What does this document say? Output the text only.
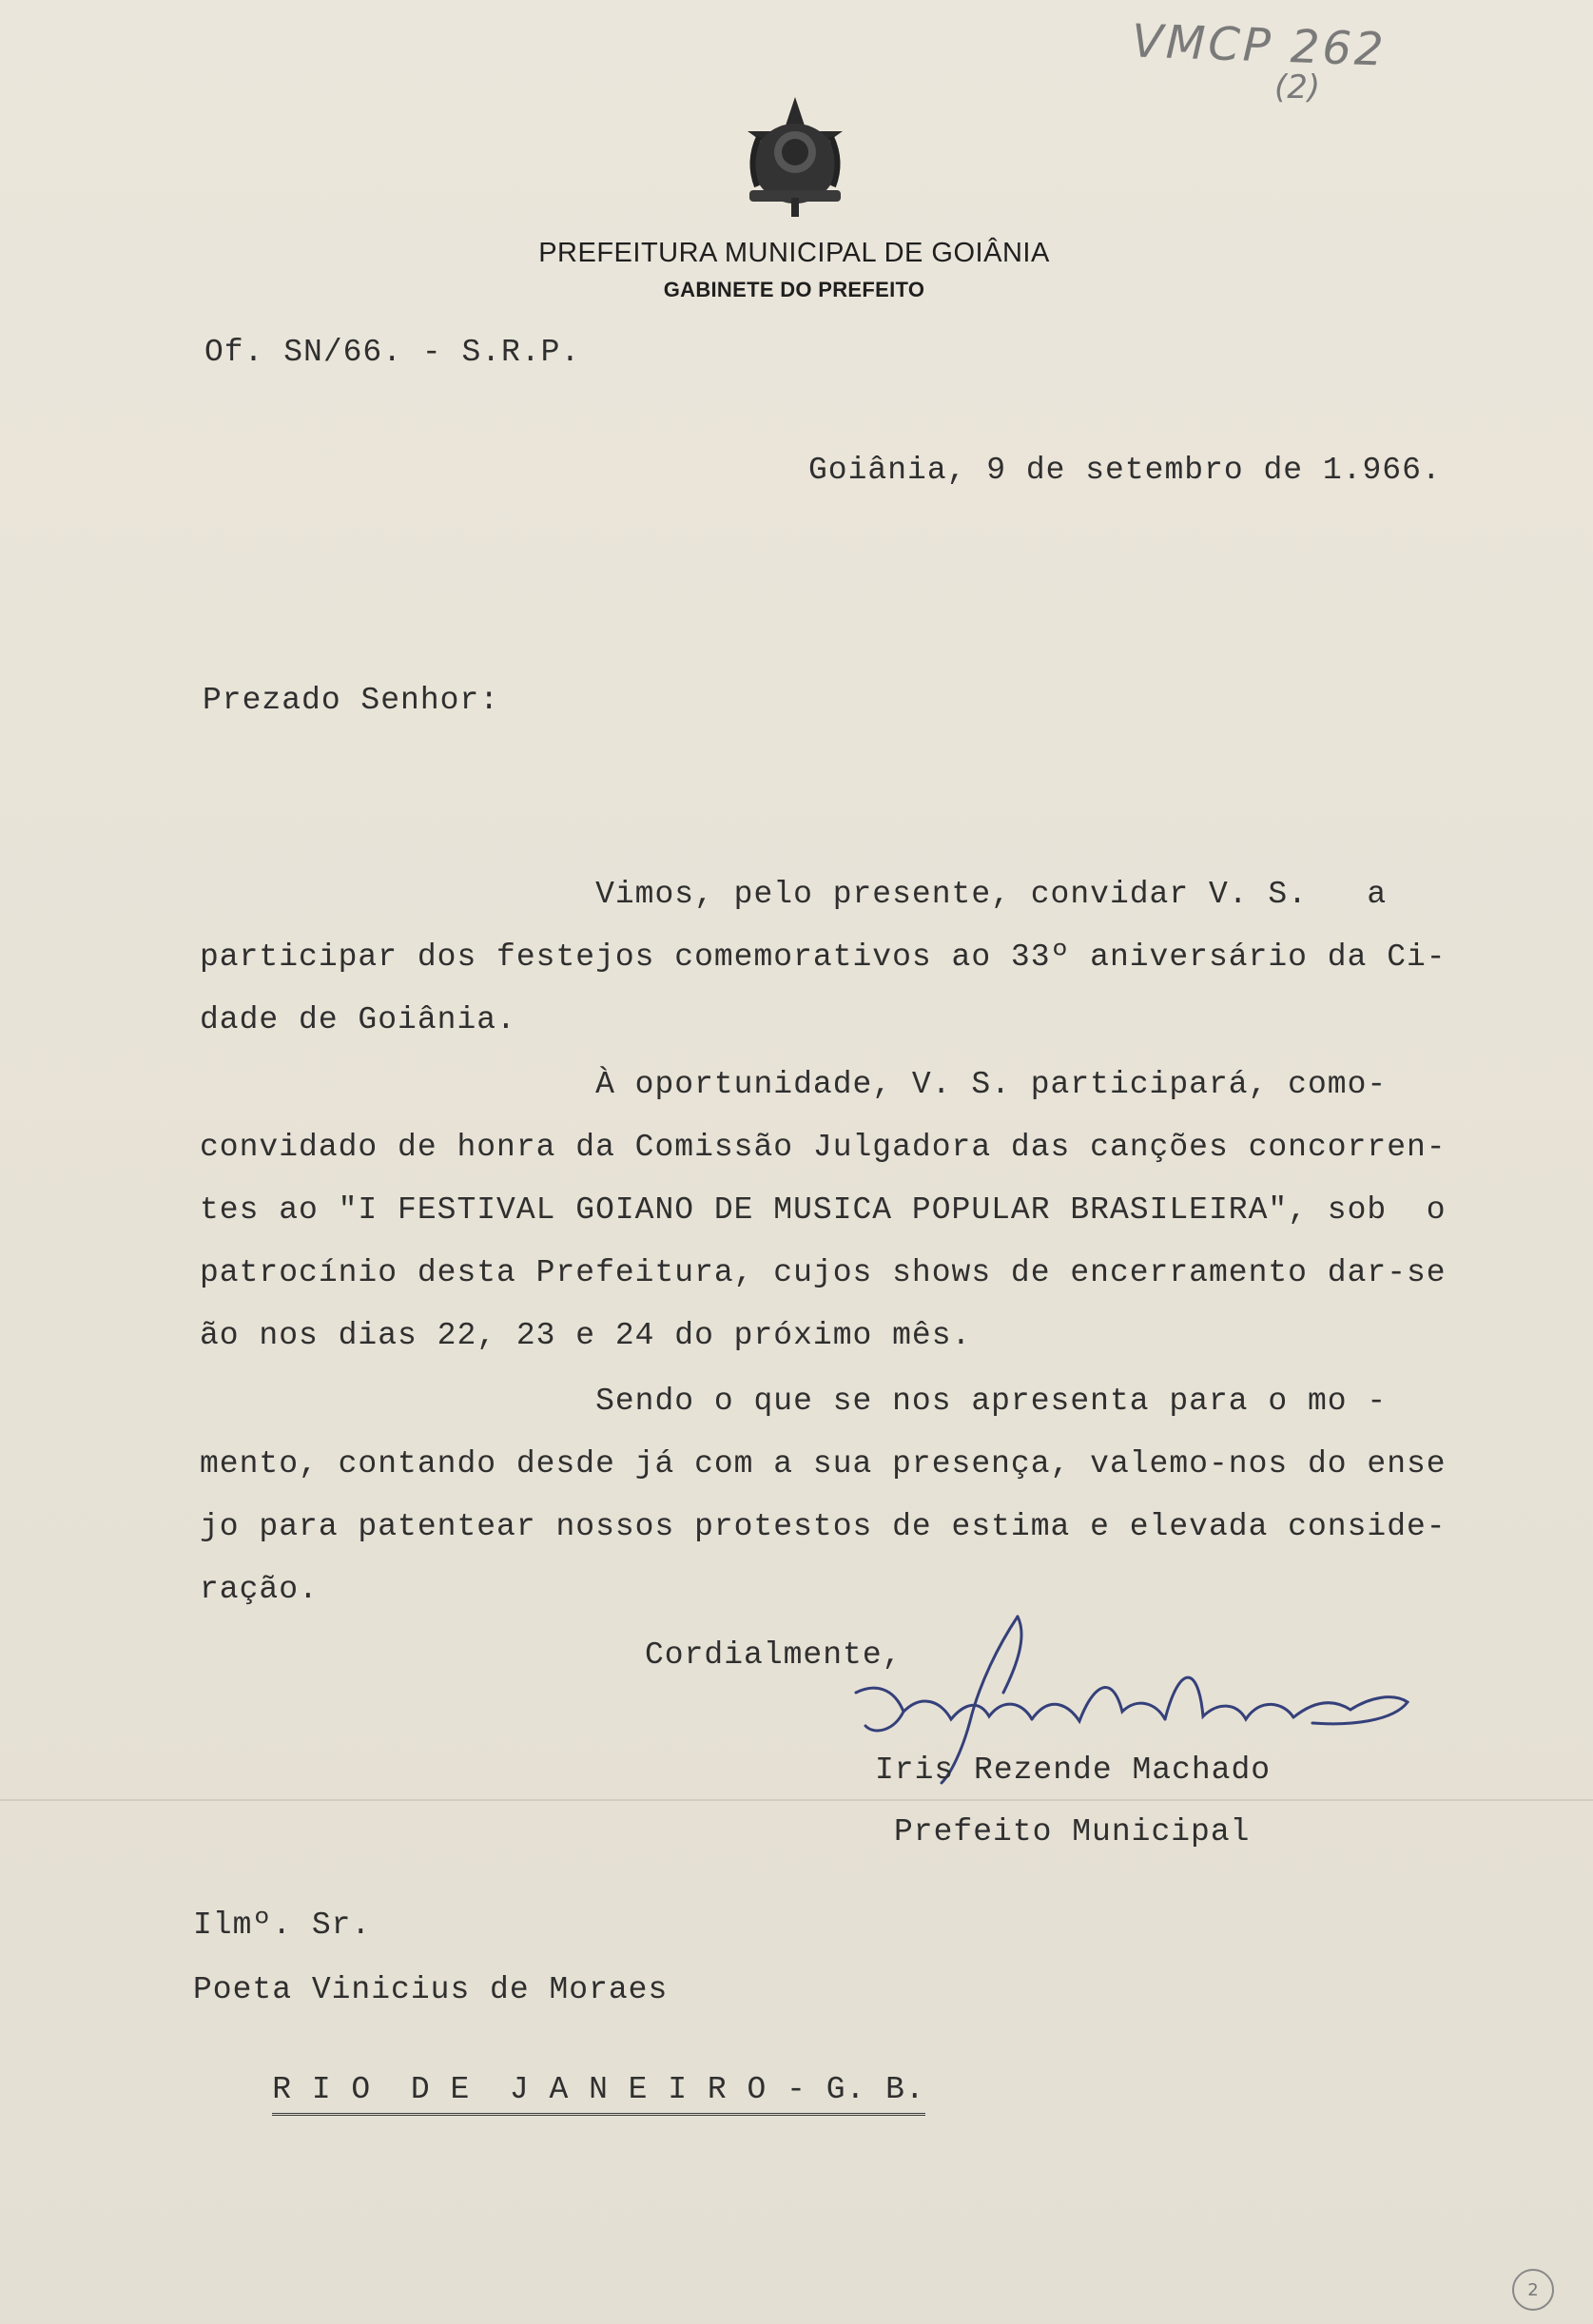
VMCP 262
(2)
PREFEITURA MUNICIPAL DE GOIÂNIA
GABINETE DO PREFEITO
Of. SN/66. - S.R.P.
Goiânia, 9 de setembro de 1.966.
Prezado Senhor:
Vimos, pelo presente, convidar V. S.   a
participar dos festejos comemorativos ao 33º aniversário da Ci-
dade de Goiânia.
À oportunidade, V. S. participará, como-
convidado de honra da Comissão Julgadora das canções concorren-
tes ao "I FESTIVAL GOIANO DE MUSICA POPULAR BRASILEIRA", sob  o
patrocínio desta Prefeitura, cujos shows de encerramento dar-se
ão nos dias 22, 23 e 24 do próximo mês.
Sendo o que se nos apresenta para o mo -
mento, contando desde já com a sua presença, valemo-nos do ense
jo para patentear nossos protestos de estima e elevada conside-
ração.
Cordialmente,
Iris Rezende Machado
Prefeito Municipal
Ilmº. Sr.
Poeta Vinicius de Moraes

R I O  D E  J A N E I R O - G. B.

2
